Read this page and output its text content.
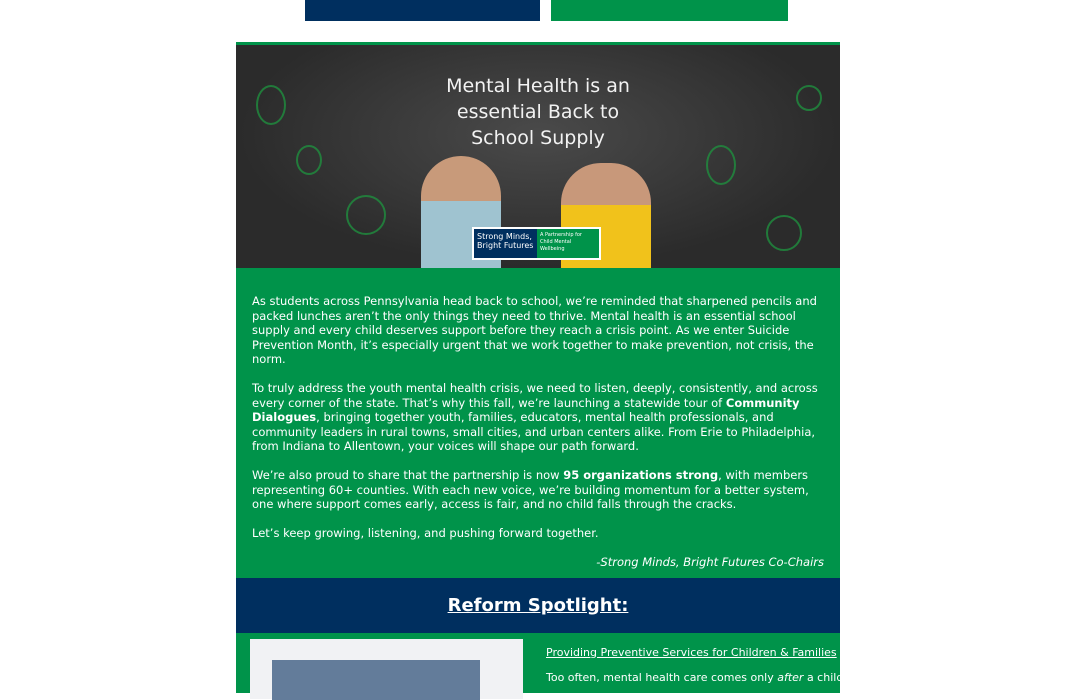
Mental Health is an
essential Back to
School Supply
Strong Minds, Bright Futures
A Partnership for Child Mental Wellbeing

As students across Pennsylvania head back to school, we’re reminded that sharpened pencils and packed lunches aren’t the only things they need to thrive. Mental health is an essential school supply and every child deserves support before they reach a crisis point. As we enter Suicide Prevention Month, it’s especially urgent that we work together to make prevention, not crisis, the norm.

To truly address the youth mental health crisis, we need to listen, deeply, consistently, and across every corner of the state. That’s why this fall, we’re launching a statewide tour of Community Dialogues, bringing together youth, families, educators, mental health professionals, and community leaders in rural towns, small cities, and urban centers alike. From Erie to Philadelphia, from Indiana to Allentown, your voices will shape our path forward.

We’re also proud to share that the partnership is now 95 organizations strong, with members representing 60+ counties. With each new voice, we’re building momentum for a better system, one where support comes early, access is fair, and no child falls through the cracks.

Let’s keep growing, listening, and pushing forward together.

-Strong Minds, Bright Futures Co-Chairs
Reform Spotlight:
Providing Preventive Services for Children & Families
Too often, mental health care comes only after a child
